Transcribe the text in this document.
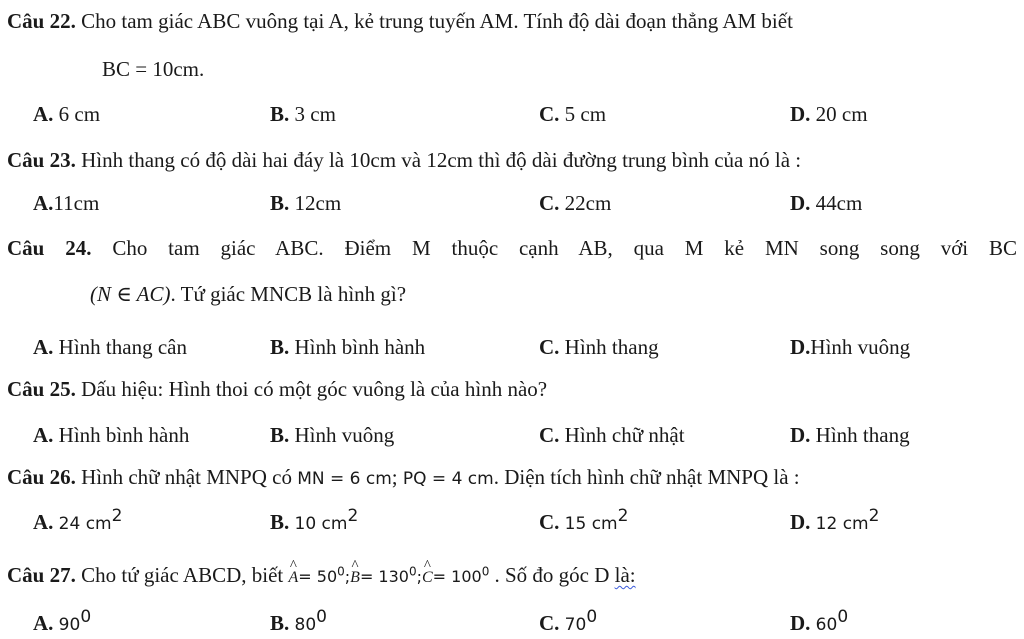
Câu 22. Cho tam giác ABC vuông tại A, kẻ trung tuyến AM. Tính độ dài đoạn thẳng AM biết
BC = 10cm.
A. 6 cm	B. 3 cm	C. 5 cm	D. 20 cm
Câu 23. Hình thang có độ dài hai đáy là 10cm và 12cm thì độ dài đường trung bình của nó là :
A.11cm	B. 12cm	C. 22cm	D. 44cm
Câu 24. Cho tam giác ABC. Điểm M thuộc cạnh AB, qua M kẻ MN song song với BC
(N ∈ AC). Tứ giác MNCB là hình gì?
A. Hình thang cân	B. Hình bình hành	C. Hình thang	D.Hình vuông
Câu 25. Dấu hiệu: Hình thoi có một góc vuông là của hình nào?
A. Hình bình hành	B. Hình vuông	C. Hình chữ nhật	D. Hình thang
Câu 26. Hình chữ nhật MNPQ có MN = 6 cm; PQ = 4 cm. Diện tích hình chữ nhật MNPQ là :
A. 24 $cm^2$	B. 10 $cm^2$	C. 15 $cm^2$	D. 12 $cm^2$
Câu 27. Cho tứ giác ABCD, biết ^ $A= 50^0;\^{}$ $B= 130^0;\^{}$ $C= 100^0$ . Số đo góc D là:
A. $90^0$	B. $80^0$	C. $70^0$	D. $60^0$
